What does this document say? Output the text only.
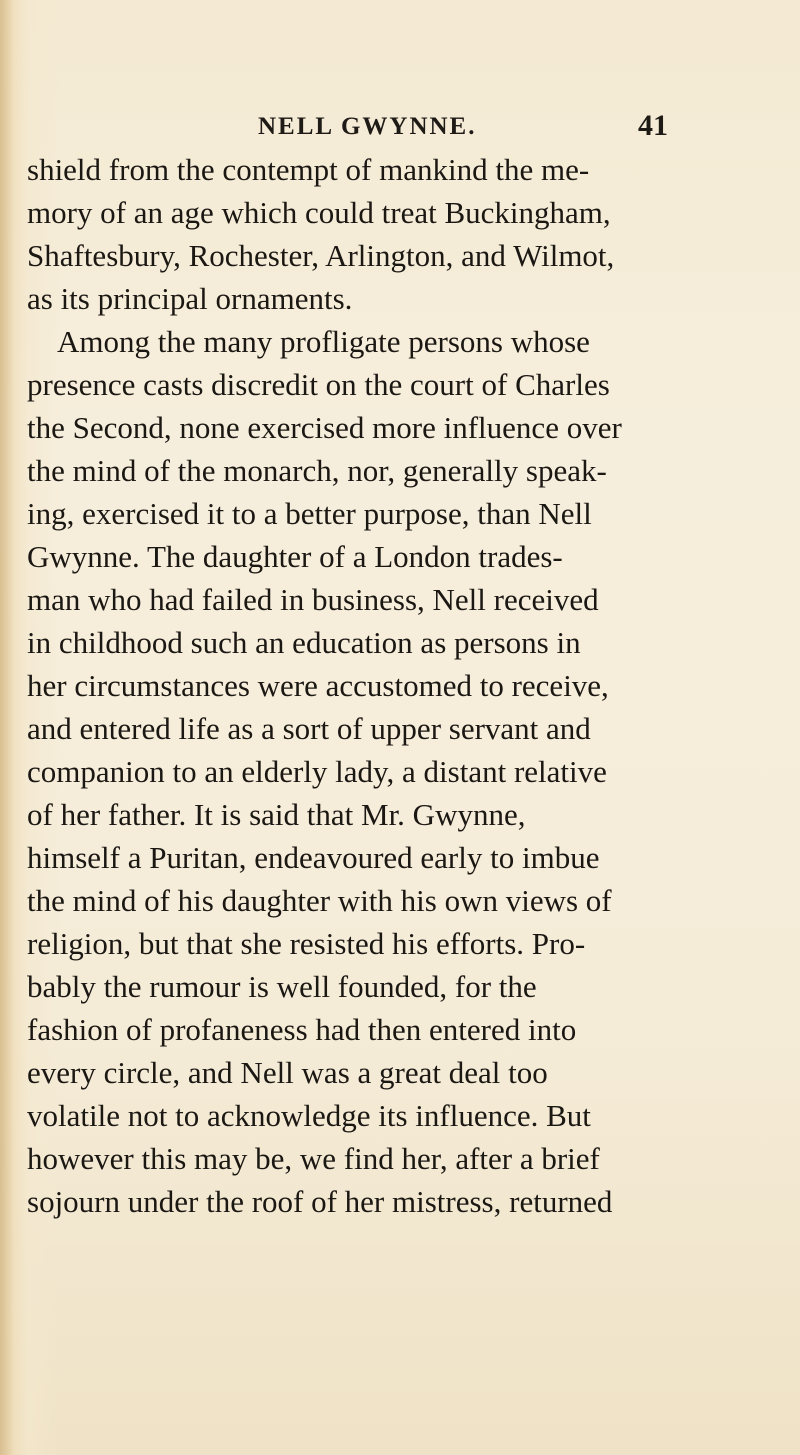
NELL GWYNNE.	41
shield from the contempt of mankind the me-
mory of an age which could treat Buckingham,
Shaftesbury, Rochester, Arlington, and Wilmot,
as its principal ornaments.
Among the many profligate persons whose
presence casts discredit on the court of Charles
the Second, none exercised more influence over
the mind of the monarch, nor, generally speak-
ing, exercised it to a better purpose, than Nell
Gwynne. The daughter of a London trades-
man who had failed in business, Nell received
in childhood such an education as persons in
her circumstances were accustomed to receive,
and entered life as a sort of upper servant and
companion to an elderly lady, a distant relative
of her father. It is said that Mr. Gwynne,
himself a Puritan, endeavoured early to imbue
the mind of his daughter with his own views of
religion, but that she resisted his efforts. Pro-
bably the rumour is well founded, for the
fashion of profaneness had then entered into
every circle, and Nell was a great deal too
volatile not to acknowledge its influence. But
however this may be, we find her, after a brief
sojourn under the roof of her mistress, returned
